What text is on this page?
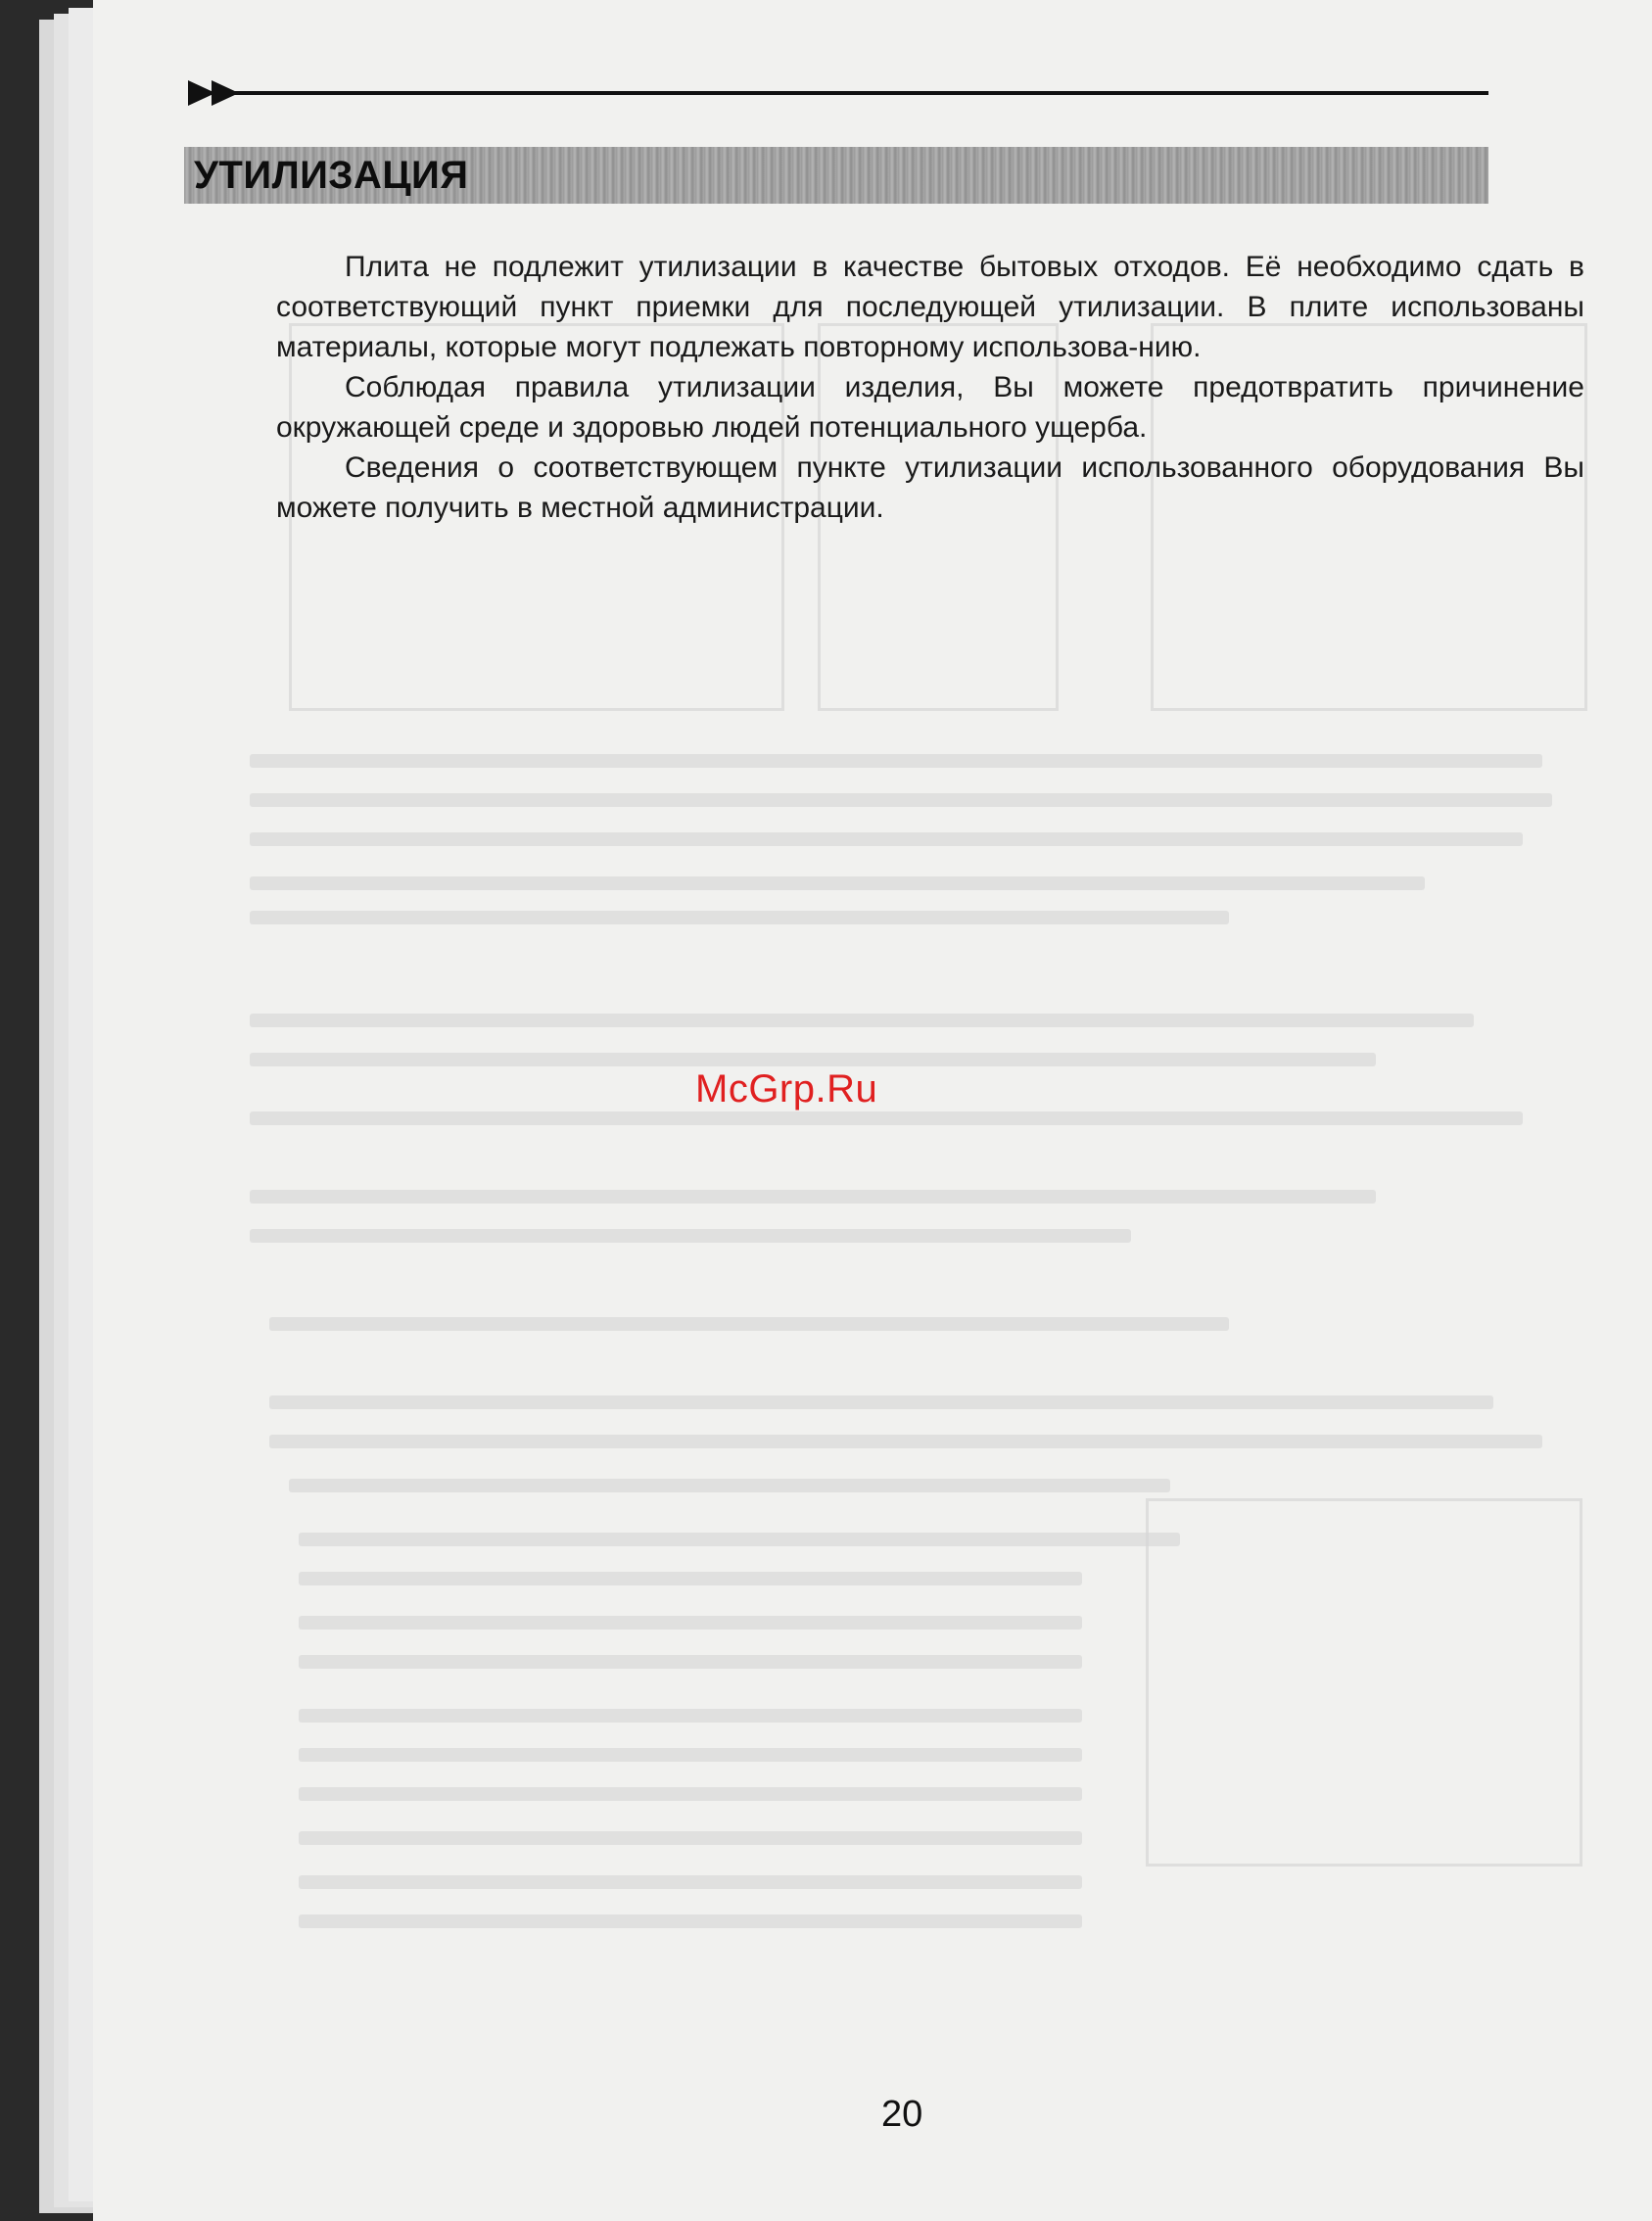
УТИЛИЗАЦИЯ

Плита не подлежит утилизации в качестве бытовых отходов. Её необходимо сдать в соответствующий пункт приемки для последующей утилизации. В плите использованы материалы, которые могут подлежать повторному использова-нию.

Соблюдая правила утилизации изделия, Вы можете предотвратить причинение окружающей среде и здоровью людей потенциального ущерба.

Сведения о соответствующем пункте утилизации использованного оборудования Вы можете получить в местной администрации.

McGrp.Ru
20
